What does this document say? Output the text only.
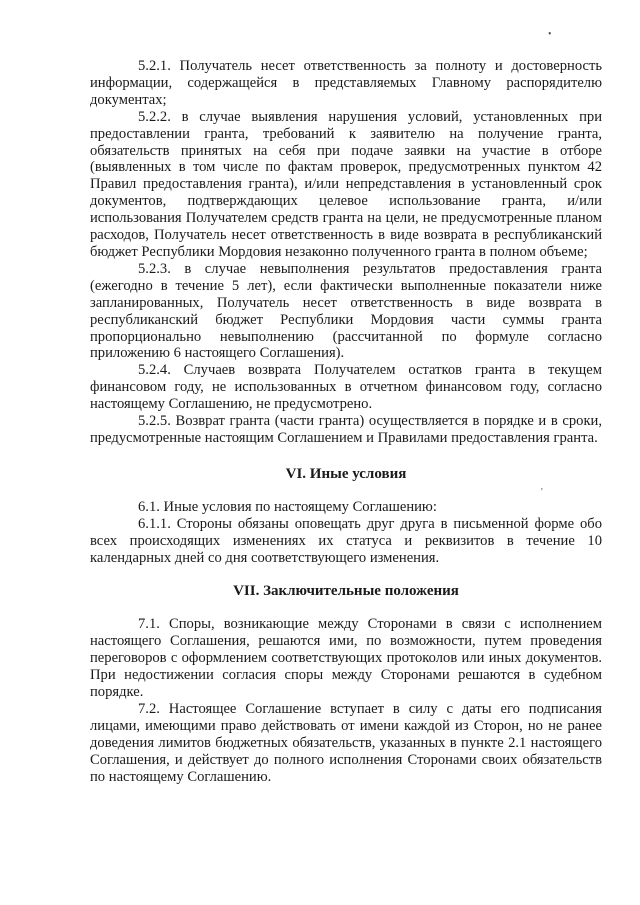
•
'

5.2.1. Получатель несет ответственность за полноту и достоверность информации, содержащейся в представляемых Главному распорядителю документах;

5.2.2. в случае выявления нарушения условий, установленных при предоставлении гранта, требований к заявителю на получение гранта, обязательств принятых на себя при подаче заявки на участие в отборе (выявленных в том числе по фактам проверок, предусмотренных пунктом 42 Правил предоставления гранта), и/или непредставления в установленный срок документов, подтверждающих целевое использование гранта, и/или использования Получателем средств гранта на цели, не предусмотренные планом расходов, Получатель несет ответственность в виде возврата в республиканский бюджет Республики Мордовия незаконно полученного гранта в полном объеме;

5.2.3. в случае невыполнения результатов предоставления гранта (ежегодно в течение 5 лет), если фактически выполненные показатели ниже запланированных, Получатель несет ответственность в виде возврата в республиканский бюджет Республики Мордовия части суммы гранта пропорционально невыполнению (рассчитанной по формуле согласно приложению 6 настоящего Соглашения).

5.2.4. Случаев возврата Получателем остатков гранта в текущем финансовом году, не использованных в отчетном финансовом году, согласно настоящему Соглашению, не предусмотрено.

5.2.5. Возврат гранта (части гранта) осуществляется в порядке и в сроки, предусмотренные настоящим Соглашением и Правилами предоставления гранта.

VI. Иные условия

6.1. Иные условия по настоящему Соглашению:

6.1.1. Стороны обязаны оповещать друг друга в письменной форме обо всех происходящих изменениях их статуса и реквизитов в течение 10 календарных дней со дня соответствующего изменения.

VII. Заключительные положения

7.1. Споры, возникающие между Сторонами в связи с исполнением настоящего Соглашения, решаются ими, по возможности, путем проведения переговоров с оформлением соответствующих протоколов или иных документов. При недостижении согласия споры между Сторонами решаются в судебном порядке.

7.2. Настоящее Соглашение вступает в силу с даты его подписания лицами, имеющими право действовать от имени каждой из Сторон, но не ранее доведения лимитов бюджетных обязательств, указанных в пункте 2.1 настоящего Соглашения, и действует до полного исполнения Сторонами своих обязательств по настоящему Соглашению.
